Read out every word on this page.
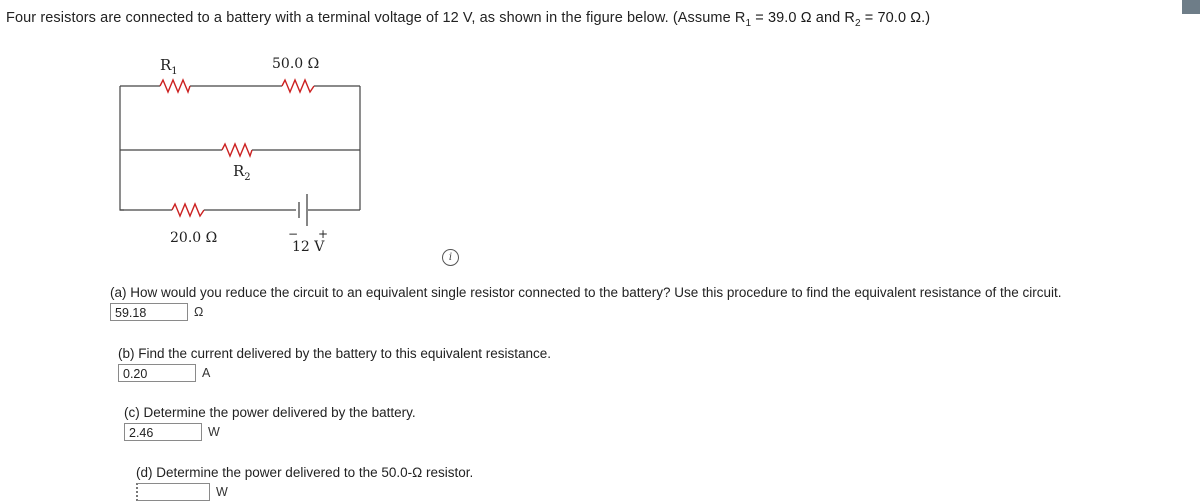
Four resistors are connected to a battery with a terminal voltage of 12 V, as shown in the figure below. (Assume $R_1 = 39.0$ Ω and $R_2 = 70.0$ Ω.)
$R_1$	50.0 Ω
$R_2$
20.0 Ω	− +
12 V
i
(a) How would you reduce the circuit to an equivalent single resistor connected to the battery? Use this procedure to find the equivalent resistance of the circuit.
59.18	Ω
(b) Find the current delivered by the battery to this equivalent resistance.
0.20	A
(c) Determine the power delivered by the battery.
2.46	W
(d) Determine the power delivered to the 50.0-Ω resistor.
W
